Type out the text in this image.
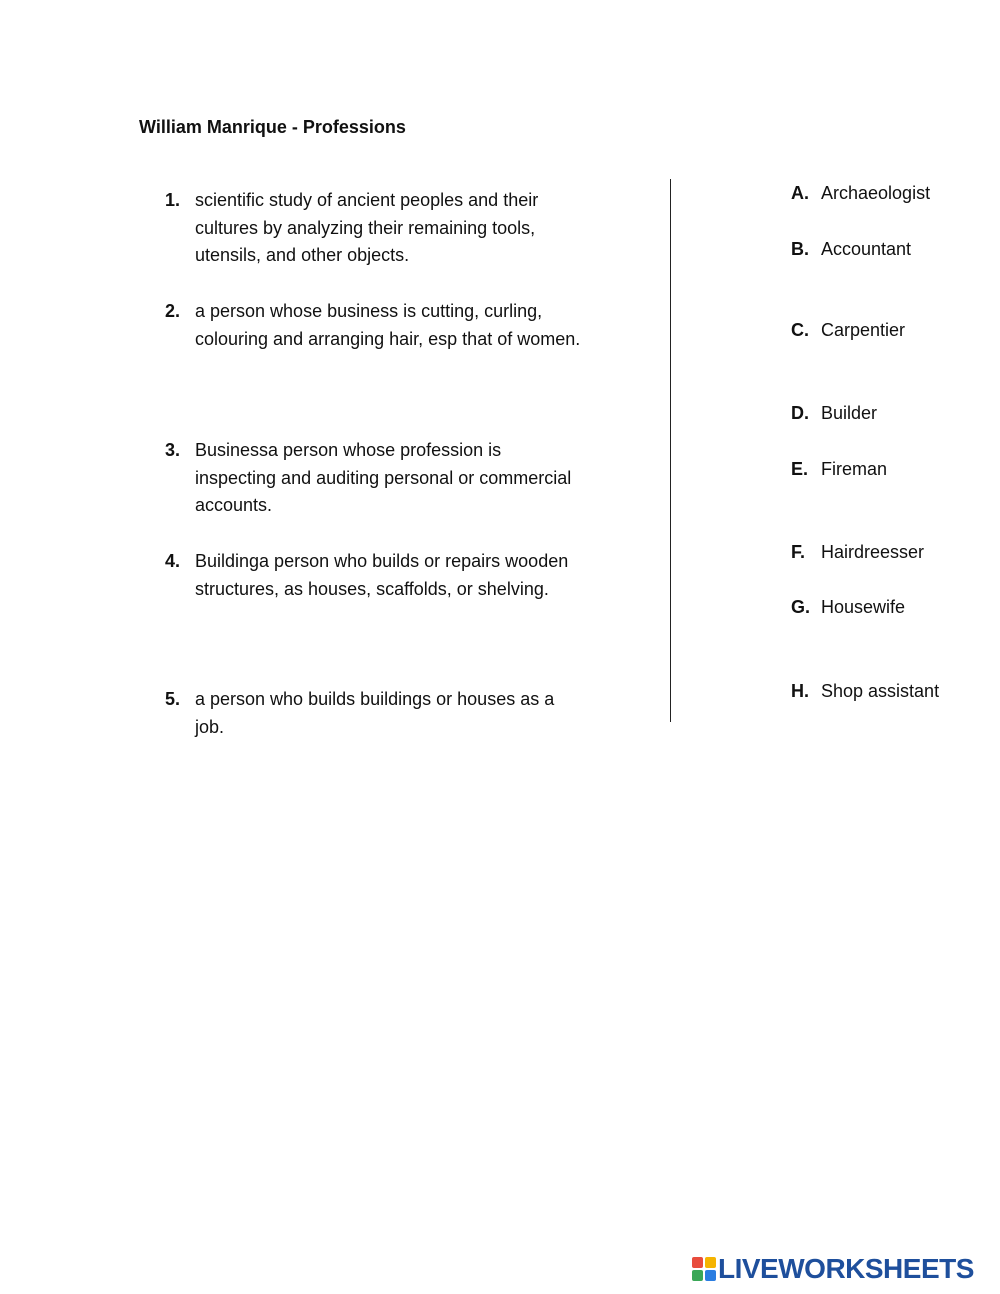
William Manrique - Professions
1. scientific study of ancient peoples and their cultures by analyzing their remaining tools, utensils, and other objects.
2. a person whose business is cutting, curling, colouring and arranging hair, esp that of women.
3. Businessa person whose profession is inspecting and auditing personal or commercial accounts.
4. Buildinga person who builds or repairs wooden structures, as houses, scaffolds, or shelving.
5. a person who builds buildings or houses as a job.
A. Archaeologist
B. Accountant
C. Carpentier
D. Builder
E. Fireman
F. Hairdreesser
G. Housewife
H. Shop assistant
LIVEWORKSHEETS
